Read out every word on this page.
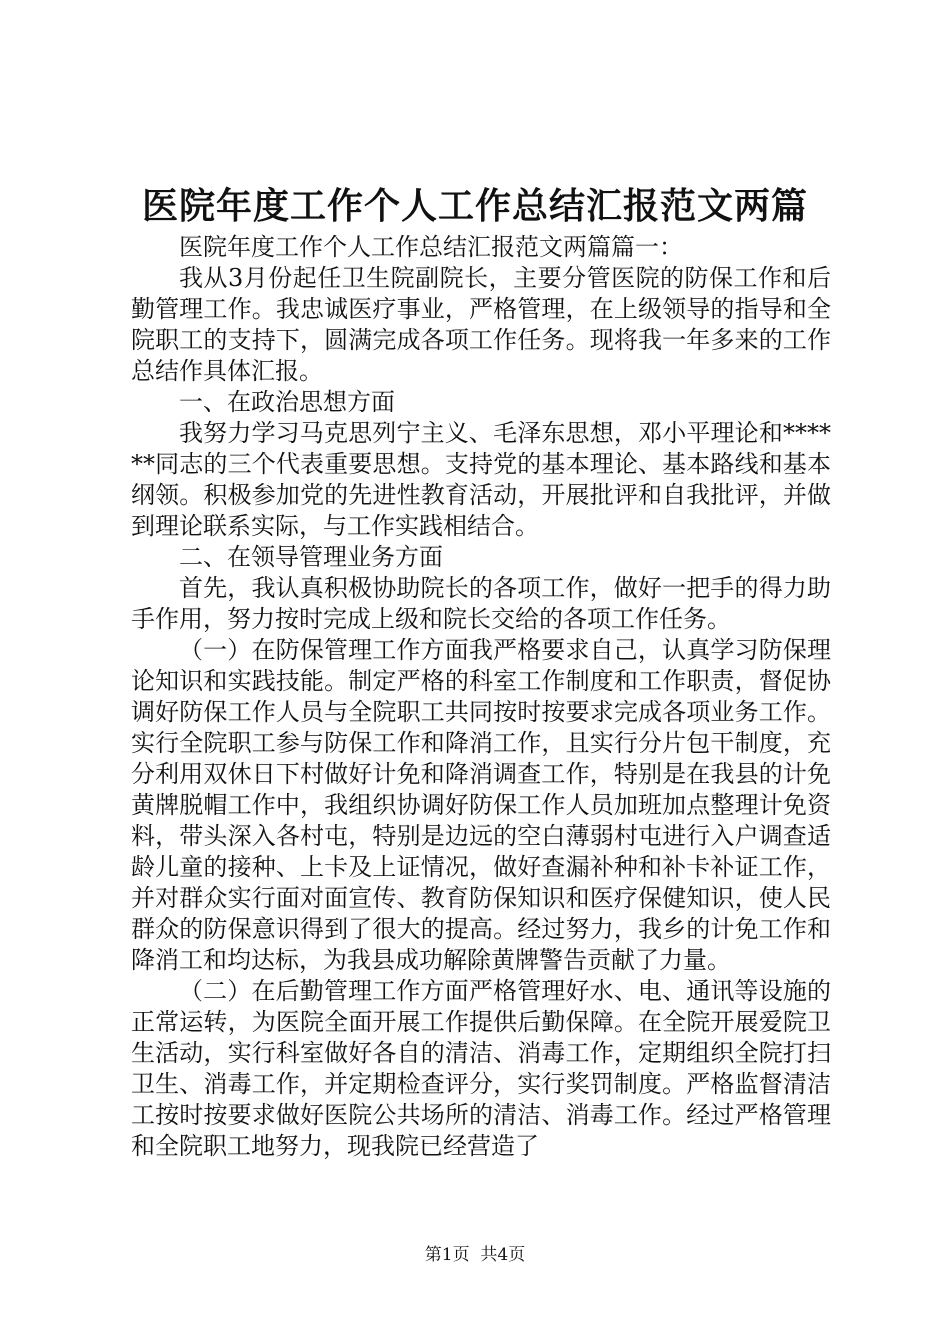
医院年度工作个人工作总结汇报范文两篇

医院年度工作个人工作总结汇报范文两篇篇一：

我从3月份起任卫生院副院长，主要分管医院的防保工作和后勤管理工作。我忠诚医疗事业，严格管理，在上级领导的指导和全院职工的支持下，圆满完成各项工作任务。现将我一年多来的工作总结作具体汇报。

一、在政治思想方面

我努力学习马克思列宁主义、毛泽东思想，邓小平理论和******同志的三个代表重要思想。支持党的基本理论、基本路线和基本纲领。积极参加党的先进性教育活动，开展批评和自我批评，并做到理论联系实际，与工作实践相结合。

二、在领导管理业务方面

首先，我认真积极协助院长的各项工作，做好一把手的得力助手作用，努力按时完成上级和院长交给的各项工作任务。

（一）在防保管理工作方面我严格要求自己，认真学习防保理论知识和实践技能。制定严格的科室工作制度和工作职责，督促协调好防保工作人员与全院职工共同按时按要求完成各项业务工作。实行全院职工参与防保工作和降消工作，且实行分片包干制度，充分利用双休日下村做好计免和降消调查工作，特别是在我县的计免黄牌脱帽工作中，我组织协调好防保工作人员加班加点整理计免资料，带头深入各村屯，特别是边远的空白薄弱村屯进行入户调查适龄儿童的接种、上卡及上证情况，做好查漏补种和补卡补证工作，并对群众实行面对面宣传、教育防保知识和医疗保健知识，使人民群众的防保意识得到了很大的提高。经过努力，我乡的计免工作和降消工和均达标，为我县成功解除黄牌警告贡献了力量。

（二）在后勤管理工作方面严格管理好水、电、通讯等设施的正常运转，为医院全面开展工作提供后勤保障。在全院开展爱院卫生活动，实行科室做好各自的清洁、消毒工作，定期组织全院打扫卫生、消毒工作，并定期检查评分，实行奖罚制度。严格监督清洁工按时按要求做好医院公共场所的清洁、消毒工作。经过严格管理和全院职工地努力，现我院已经营造了

第1页  共4页
